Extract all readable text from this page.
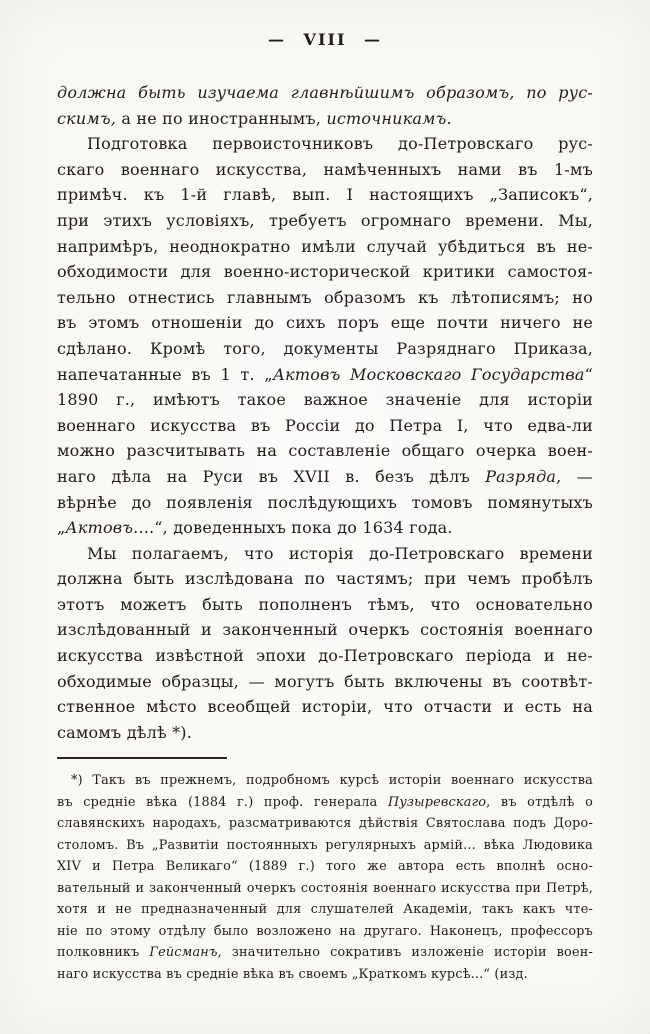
— VIII —
должна быть изучаема главнѣйшимъ образомъ, по рус-
скимъ, а не по иностраннымъ, источникамъ.
Подготовка первоисточниковъ до-Петровскаго рус-
скаго военнаго искусства, намѣченныхъ нами въ 1-мъ
примѣч. къ 1-й главѣ, вып. I настоящихъ „Записокъ“,
при этихъ условіяхъ, требуетъ огромнаго времени. Мы,
напримѣръ, неоднократно имѣли случай убѣдиться въ не-
обходимости для военно-исторической критики самостоя-
тельно отнестись главнымъ образомъ къ лѣтописямъ; но
въ этомъ отношеніи до сихъ поръ еще почти ничего не
сдѣлано. Кромѣ того, документы Разряднаго Приказа,
напечатанные въ 1 т. „Актовъ Московскаго Государства“
1890 г., имѣютъ такое важное значеніе для исторіи
военнаго искусства въ Россіи до Петра I, что едва-ли
можно разсчитывать на составленіе общаго очерка воен-
наго дѣла на Руси въ XVII в. безъ дѣлъ Разряда, —
вѣрнѣе до появленія послѣдующихъ томовъ помянутыхъ
„Актовъ....“, доведенныхъ пока до 1634 года.
Мы полагаемъ, что исторія до-Петровскаго времени
должна быть изслѣдована по частямъ; при чемъ пробѣлъ
этотъ можетъ быть пополненъ тѣмъ, что основательно
изслѣдованный и законченный очеркъ состоянія военнаго
искусства извѣстной эпохи до-Петровскаго періода и не-
обходимые образцы, — могутъ быть включены въ соотвѣт-
ственное мѣсто всеобщей исторіи, что отчасти и есть на
самомъ дѣлѣ *).
*) Такъ въ прежнемъ, подробномъ курсѣ исторіи военнаго искусства
въ средніе вѣка (1884 г.) проф. генерала Пузыревскаго, въ отдѣлѣ о
славянскихъ народахъ, разсматриваются дѣйствія Святослава подъ Доро-
столомъ. Въ „Развитіи постоянныхъ регулярныхъ армій... вѣка Людовика
XIV и Петра Великаго“ (1889 г.) того же автора есть вполнѣ осно-
вательный и законченный очеркъ состоянія военнаго искусства при Петрѣ,
хотя и не предназначенный для слушателей Академіи, такъ какъ чте-
ніе по этому отдѣлу было возложено на другаго. Наконецъ, профессоръ
полковникъ Гейсманъ, значительно сокративъ изложеніе исторіи воен-
наго искусства въ средніе вѣка въ своемъ „Краткомъ курсѣ...“ (изд.
